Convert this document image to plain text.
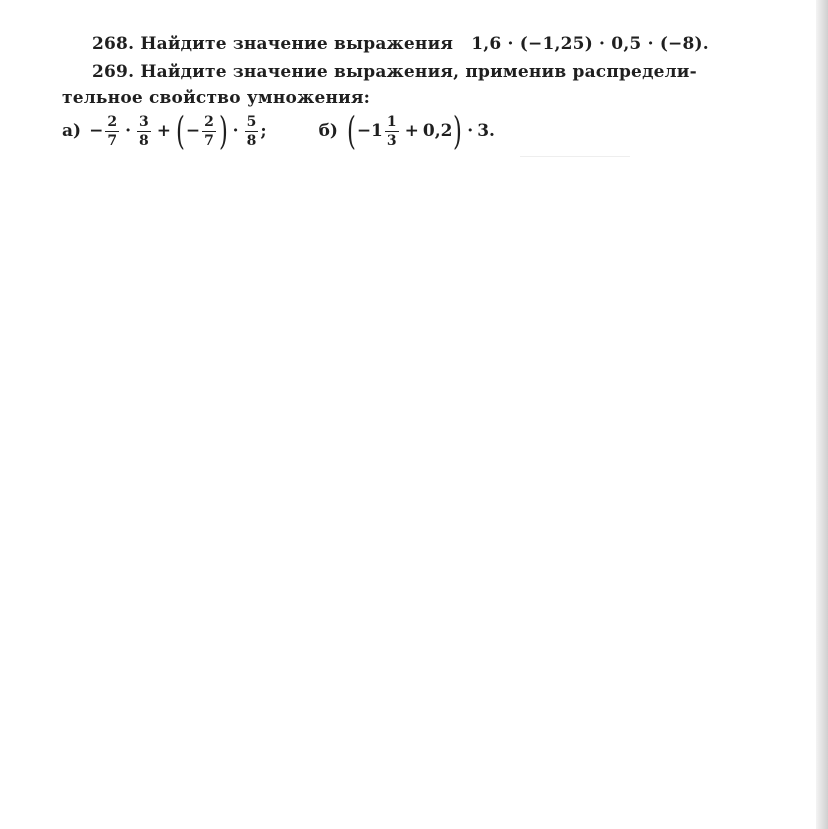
268. Найдите значение выражения 1,6 · (−1,25) · 0,5 · (−8).
269. Найдите значение выражения, применив распредели-
тельное свойство умножения:
$а) - \frac{2}{7} \cdot \frac{3}{8}$ + ( − $\frac{2}{7}$ ) · $\frac{5}{8}$ ;	б) ( $-1 \frac{1}{3} + 0,2$ ) · 3.
